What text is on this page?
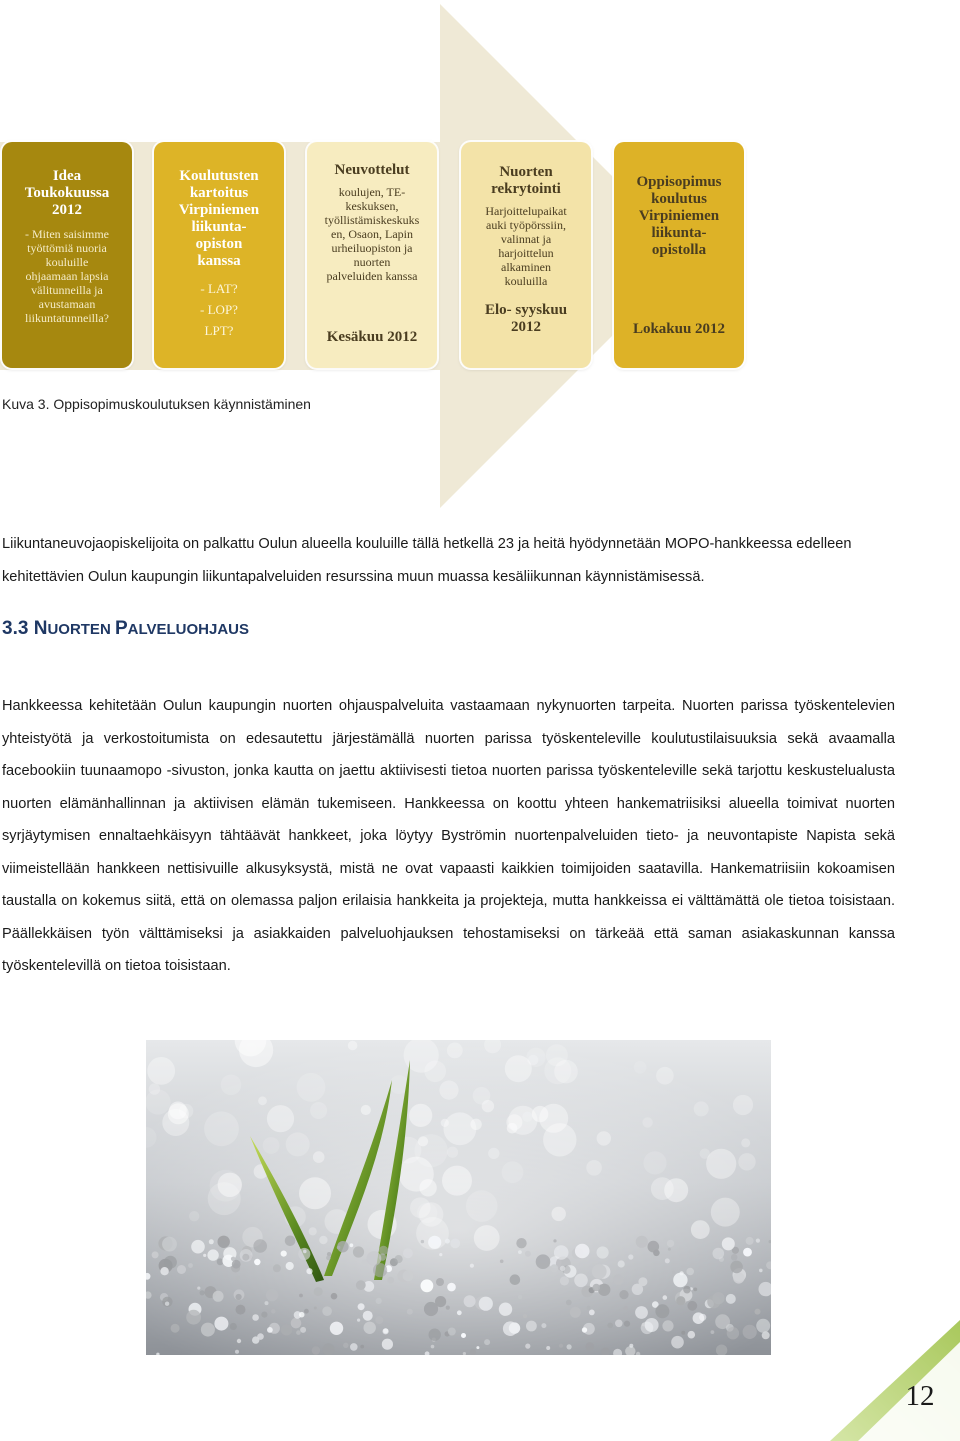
Idea
Toukokuussa
2012
- Miten saisimme
työttömiä nuoria
kouluille
ohjaamaan lapsia
välitunneilla ja
avustamaan
liikuntatunneilla?
Koulutusten
kartoitus
Virpiniemen
liikunta-
opiston
kanssa
- LAT?
- LOP?
LPT?
Neuvottelut
koulujen, TE-
keskuksen,
työllistämiskeskuks
en, Osaon, Lapin
urheiluopiston ja
nuorten
palveluiden kanssa
Kesäkuu 2012
Nuorten
rekrytointi
Harjoittelupaikat
auki työpörssiin,
valinnat ja
harjoittelun
alkaminen
kouluilla
Elo- syyskuu
2012
Oppisopimus
koulutus
Virpiniemen
liikunta-
opistolla
Lokakuu 2012
Kuva 3. Oppisopimuskoulutuksen käynnistäminen

Liikuntaneuvojaopiskelijoita on palkattu Oulun alueella kouluille tällä hetkellä 23 ja heitä hyödynnetään MOPO-hankkeessa edelleen kehitettävien Oulun kaupungin liikuntapalveluiden resurssina muun muassa kesäliikunnan käynnistämisessä.

3.3 NUORTEN PALVELUOHJAUS

Hankkeessa kehitetään Oulun kaupungin nuorten ohjauspalveluita vastaamaan nykynuorten tarpeita. Nuorten parissa työskentelevien yhteistyötä ja verkostoitumista on edesautettu järjestämällä nuorten parissa työskenteleville koulutustilaisuuksia sekä avaamalla facebookiin tuunaamopo -sivuston, jonka kautta on jaettu aktiivisesti tietoa nuorten parissa työskenteleville sekä tarjottu keskustelualusta nuorten elämänhallinnan ja aktiivisen elämän tukemiseen. Hankkeessa on koottu yhteen hankematriisiksi alueella toimivat nuorten syrjäytymisen ennaltaehkäisyyn tähtäävät hankkeet, joka löytyy Byströmin nuortenpalveluiden tieto- ja neuvontapiste Napista sekä viimeistellään hankkeen nettisivuille alkusyksystä, mistä ne ovat vapaasti kaikkien toimijoiden saatavilla. Hankematriisiin kokoamisen taustalla on kokemus siitä, että on olemassa paljon erilaisia hankkeita ja projekteja, mutta hankkeissa ei välttämättä ole tietoa toisistaan. Päällekkäisen työn välttämiseksi ja asiakkaiden palveluohjauksen tehostamiseksi on tärkeää että saman asiakaskunnan kanssa työskentelevillä on tietoa toisistaan.

12
